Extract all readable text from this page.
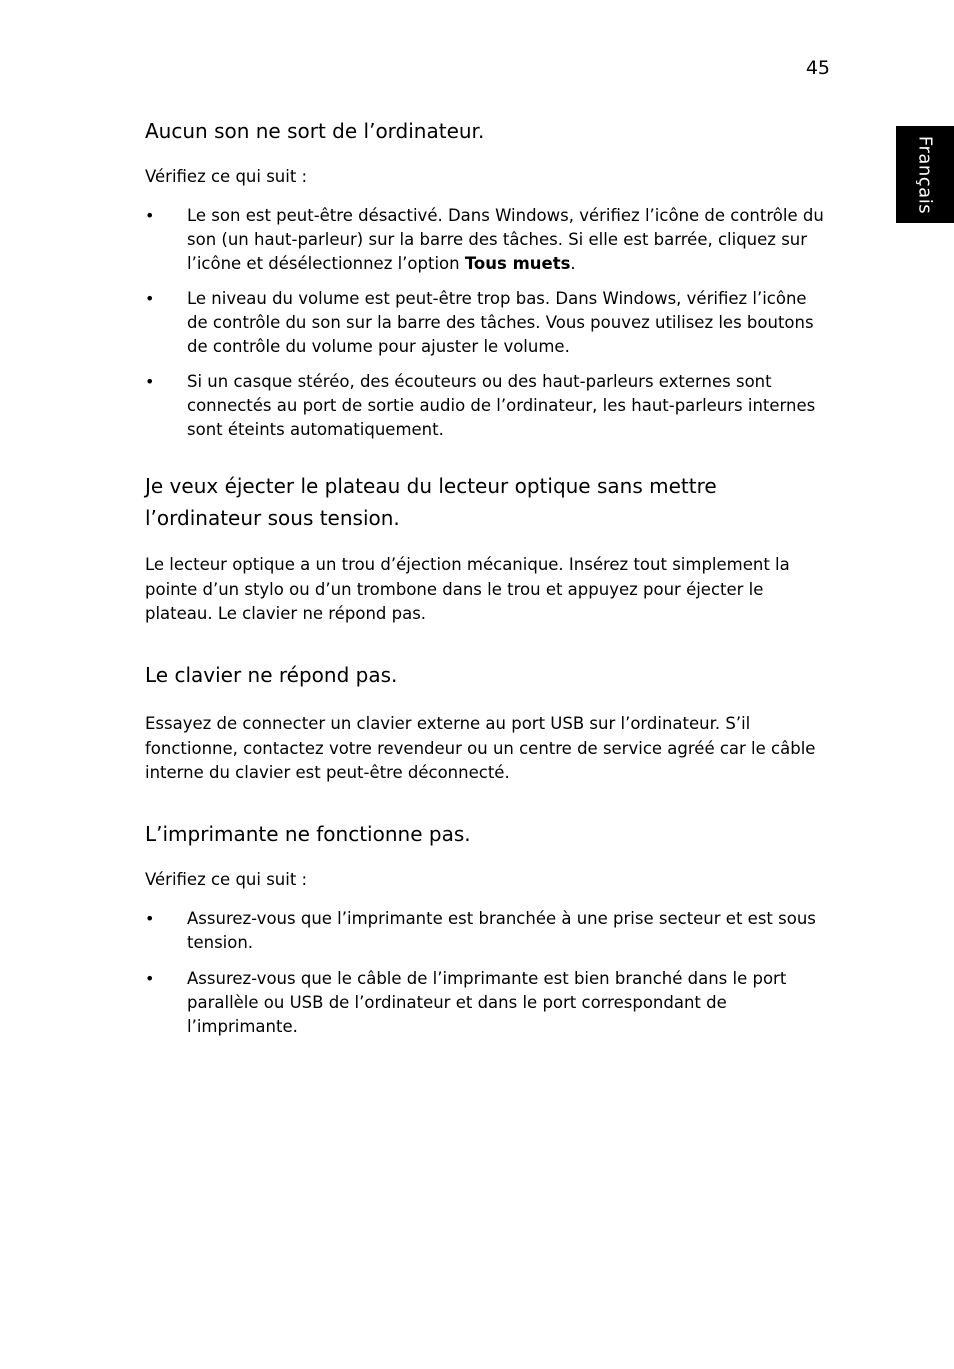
45
Français
Aucun son ne sort de l’ordinateur.

Vérifiez ce qui suit :

• Le son est peut-être désactivé. Dans Windows, vérifiez l’icône de contrôle du son (un haut-parleur) sur la barre des tâches. Si elle est barrée, cliquez sur l’icône et désélectionnez l’option Tous muets.
• Le niveau du volume est peut-être trop bas. Dans Windows, vérifiez l’icône de contrôle du son sur la barre des tâches. Vous pouvez utilisez les boutons de contrôle du volume pour ajuster le volume.
• Si un casque stéréo, des écouteurs ou des haut-parleurs externes sont connectés au port de sortie audio de l’ordinateur, les haut-parleurs internes sont éteints automatiquement.
Je veux éjecter le plateau du lecteur optique sans mettre l’ordinateur sous tension.

Le lecteur optique a un trou d’éjection mécanique. Insérez tout simplement la pointe d’un stylo ou d’un trombone dans le trou et appuyez pour éjecter le plateau. Le clavier ne répond pas.

Le clavier ne répond pas.

Essayez de connecter un clavier externe au port USB sur l’ordinateur. S’il fonctionne, contactez votre revendeur ou un centre de service agréé car le câble interne du clavier est peut-être déconnecté.

L’imprimante ne fonctionne pas.

Vérifiez ce qui suit :

• Assurez-vous que l’imprimante est branchée à une prise secteur et est sous tension.
• Assurez-vous que le câble de l’imprimante est bien branché dans le port parallèle ou USB de l’ordinateur et dans le port correspondant de l’imprimante.
